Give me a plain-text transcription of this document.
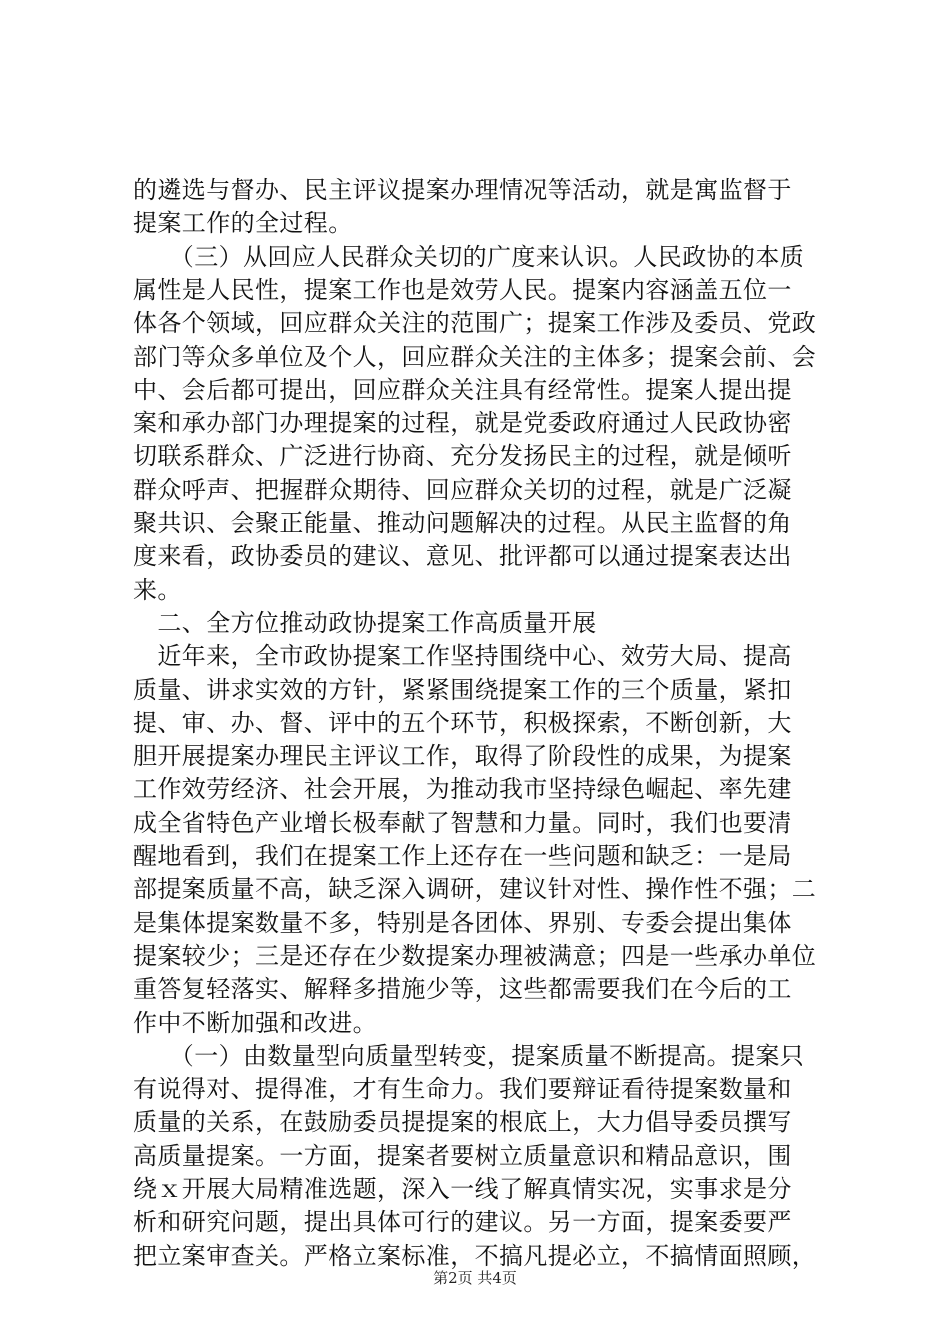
的遴选与督办、民主评议提案办理情况等活动，就是寓监督于
提案工作的全过程。
　　（三）从回应人民群众关切的广度来认识。人民政协的本质
属性是人民性，提案工作也是效劳人民。提案内容涵盖五位一
体各个领域，回应群众关注的范围广；提案工作涉及委员、党政
部门等众多单位及个人，回应群众关注的主体多；提案会前、会
中、会后都可提出，回应群众关注具有经常性。提案人提出提
案和承办部门办理提案的过程，就是党委政府通过人民政协密
切联系群众、广泛进行协商、充分发扬民主的过程，就是倾听
群众呼声、把握群众期待、回应群众关切的过程，就是广泛凝
聚共识、会聚正能量、推动问题解决的过程。从民主监督的角
度来看，政协委员的建议、意见、批评都可以通过提案表达出
来。
　二、全方位推动政协提案工作高质量开展
　近年来，全市政协提案工作坚持围绕中心、效劳大局、提高
质量、讲求实效的方针，紧紧围绕提案工作的三个质量，紧扣
提、审、办、督、评中的五个环节，积极探索，不断创新，大
胆开展提案办理民主评议工作，取得了阶段性的成果，为提案
工作效劳经济、社会开展，为推动我市坚持绿色崛起、率先建
成全省特色产业增长极奉献了智慧和力量。同时，我们也要清
醒地看到，我们在提案工作上还存在一些问题和缺乏：一是局
部提案质量不高，缺乏深入调研，建议针对性、操作性不强；二
是集体提案数量不多，特别是各团体、界别、专委会提出集体
提案较少；三是还存在少数提案办理被满意；四是一些承办单位
重答复轻落实、解释多措施少等，这些都需要我们在今后的工
作中不断加强和改进。
　　（一）由数量型向质量型转变，提案质量不断提高。提案只
有说得对、提得准，才有生命力。我们要辩证看待提案数量和
质量的关系，在鼓励委员提提案的根底上，大力倡导委员撰写
高质量提案。一方面，提案者要树立质量意识和精品意识，围
绕ｘ开展大局精准选题，深入一线了解真情实况，实事求是分
析和研究问题，提出具体可行的建议。另一方面，提案委要严
把立案审查关。严格立案标准，不搞凡提必立，不搞情面照顾，
第2页 共4页
